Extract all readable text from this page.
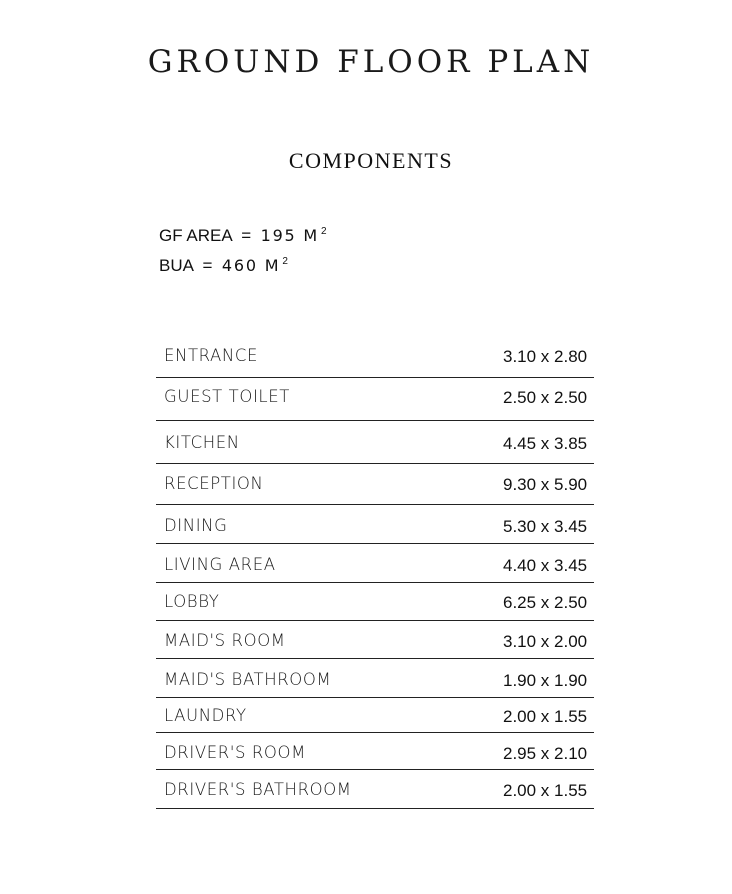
GROUND FLOOR PLAN
COMPONENTS
GF AREA  =  195 M $^2$
BUA  =  460 M $^2$
ENTRANCE	3.10 x 2.80
GUEST TOILET	2.50 x 2.50
KITCHEN	4.45 x 3.85
RECEPTION	9.30 x 5.90
DINING	5.30 x 3.45
LIVING AREA	4.40 x 3.45
LOBBY	6.25 x 2.50
MAID'S ROOM	3.10 x 2.00
MAID'S BATHROOM	1.90 x 1.90
LAUNDRY	2.00 x 1.55
DRIVER'S ROOM	2.95 x 2.10
DRIVER'S BATHROOM	2.00 x 1.55
